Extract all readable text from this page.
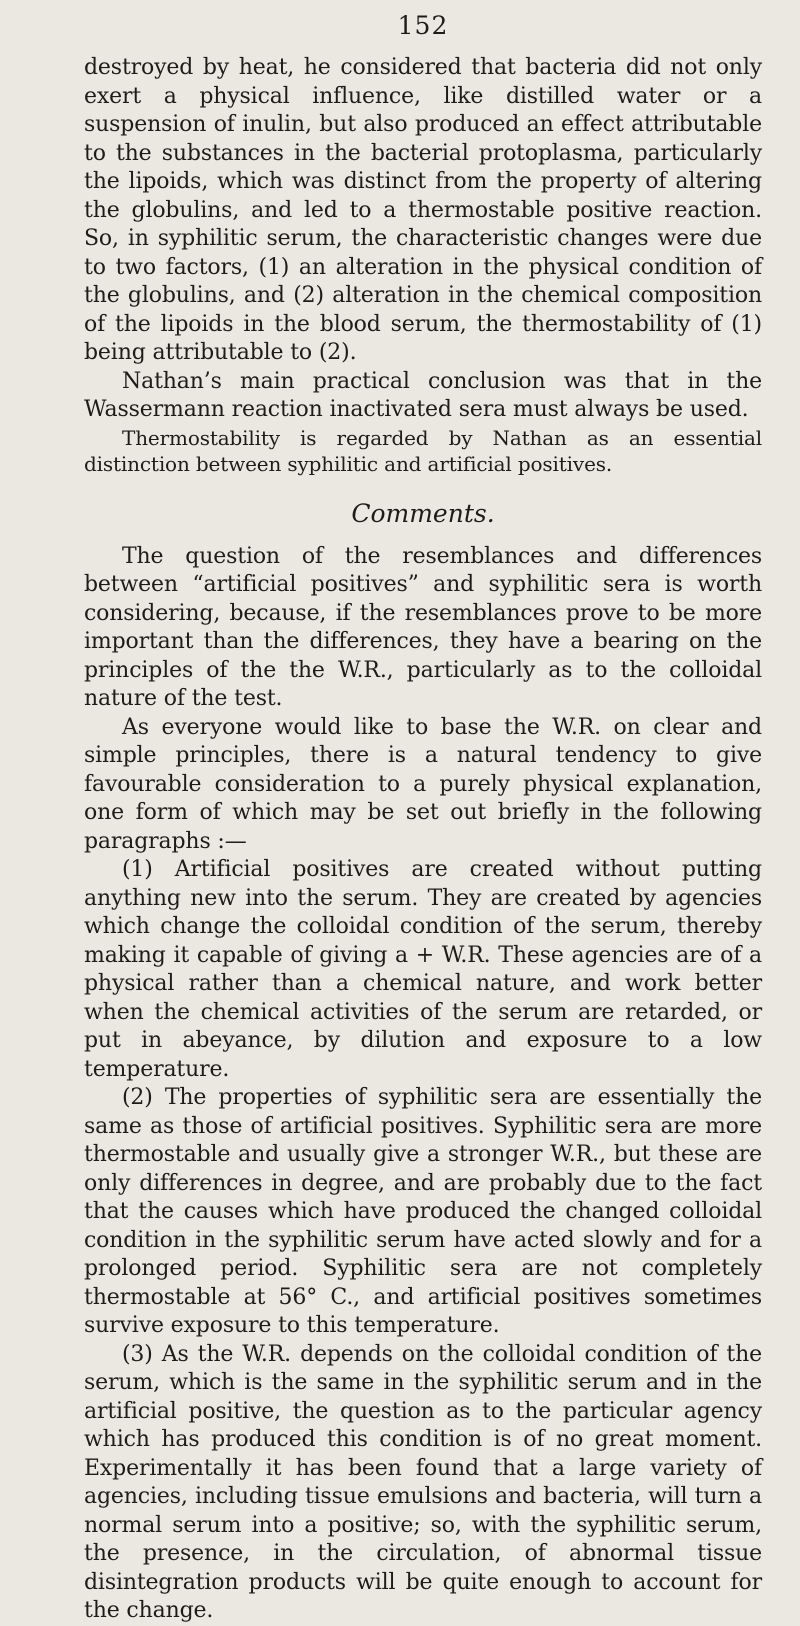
152

destroyed by heat, he considered that bacteria did not only exert a physical influence, like distilled water or a suspension of inulin, but also produced an effect attributable to the substances in the bacterial protoplasma, particularly the lipoids, which was distinct from the property of altering the globulins, and led to a thermostable positive reaction. So, in syphilitic serum, the characteristic changes were due to two factors, (1) an alteration in the physical condition of the globulins, and (2) alteration in the chemical composition of the lipoids in the blood serum, the thermostability of (1) being attributable to (2).

Nathan’s main practical conclusion was that in the Wassermann reaction inactivated sera must always be used.

Thermostability is regarded by Nathan as an essential distinction between syphilitic and artificial positives.

Comments.

The question of the resemblances and differences between “artificial positives” and syphilitic sera is worth considering, because, if the resemblances prove to be more important than the differences, they have a bearing on the principles of the the W.R., particularly as to the colloidal nature of the test.

As everyone would like to base the W.R. on clear and simple principles, there is a natural tendency to give favourable consideration to a purely physical explanation, one form of which may be set out briefly in the following paragraphs :—

(1) Artificial positives are created without putting anything new into the serum. They are created by agencies which change the colloidal condition of the serum, thereby making it capable of giving a + W.R. These agencies are of a physical rather than a chemical nature, and work better when the chemical activities of the serum are retarded, or put in abeyance, by dilution and exposure to a low temperature.

(2) The properties of syphilitic sera are essentially the same as those of artificial positives. Syphilitic sera are more thermostable and usually give a stronger W.R., but these are only differences in degree, and are probably due to the fact that the causes which have produced the changed colloidal condition in the syphilitic serum have acted slowly and for a prolonged period. Syphilitic sera are not completely thermostable at 56° C., and artificial positives sometimes survive exposure to this temperature.

(3) As the W.R. depends on the colloidal condition of the serum, which is the same in the syphilitic serum and in the artificial positive, the question as to the particular agency which has produced this condition is of no great moment. Experimentally it has been found that a large variety of agencies, including tissue emulsions and bacteria, will turn a normal serum into a positive; so, with the syphilitic serum, the presence, in the circulation, of abnormal tissue disintegration products will be quite enough to account for the change.
